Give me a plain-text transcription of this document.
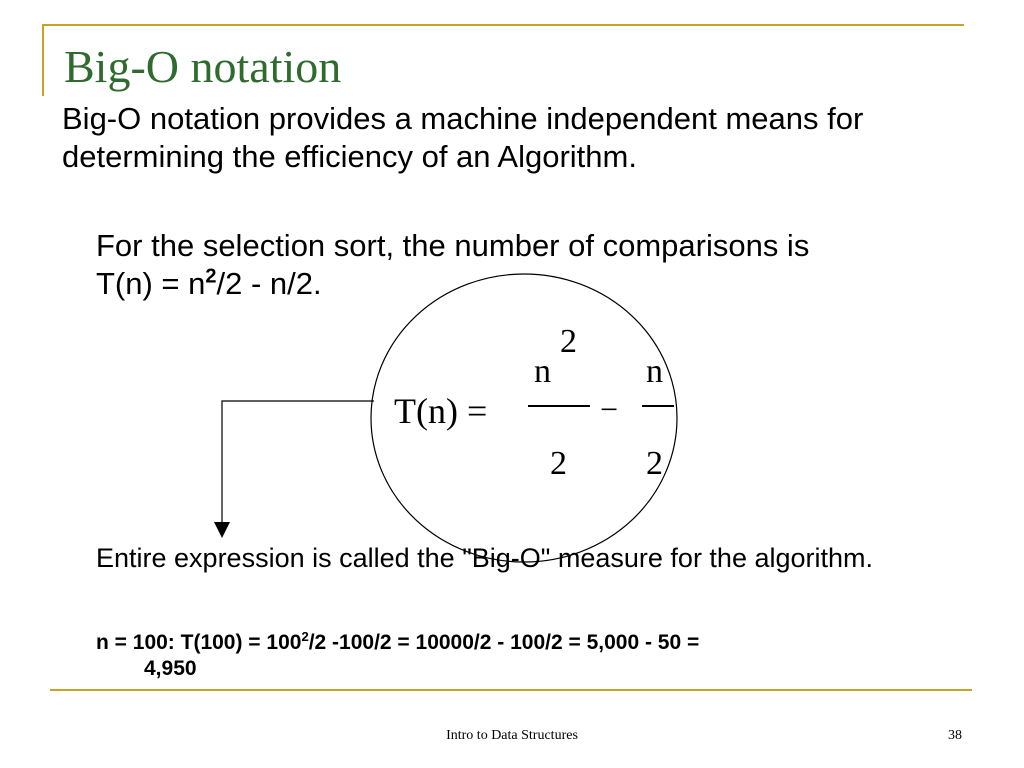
Big-O notation
Big-O notation provides a machine independent means for determining the efficiency of an Algorithm.
For the selection sort, the number of comparisons is
$T(n) = n^2/2 - n/2$.
T(n) =
2
n
2
−
n
2
Entire expression is called the "Big-O" measure for the algorithm.
n = 100: $T(100) = 100^2/2$ -100/2 = 10000/2 - 100/2 = 5,000 - 50 =
4,950
Intro to Data Structures	38
